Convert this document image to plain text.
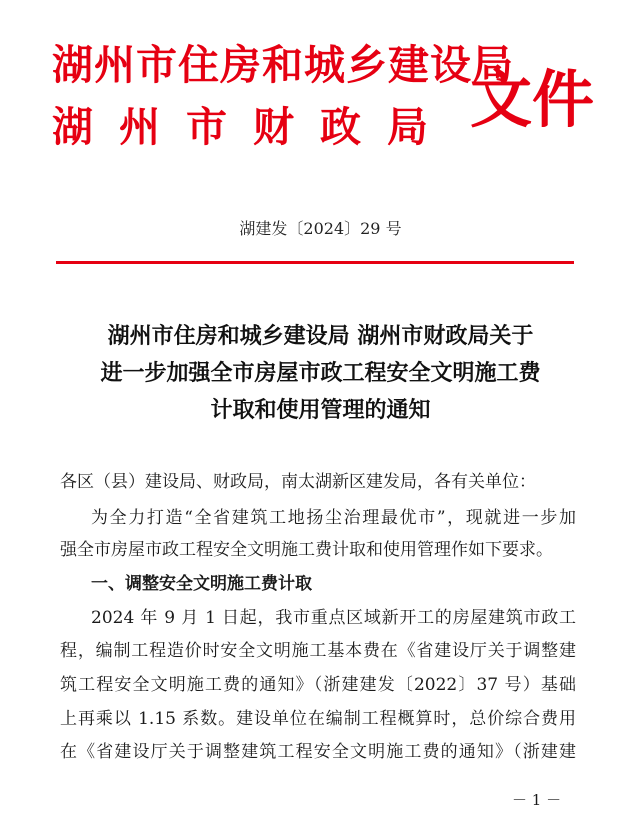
湖州市住房和城乡建设局
湖州市财政局 文件
湖建发〔2024〕29 号
湖州市住房和城乡建设局 湖州市财政局关于
进一步加强全市房屋市政工程安全文明施工费
计取和使用管理的通知
各区（县）建设局、财政局，南太湖新区建发局，各有关单位：
为全力打造“全省建筑工地扬尘治理最优市”，现就进一步加
强全市房屋市政工程安全文明施工费计取和使用管理作如下要求。
一、调整安全文明施工费计取
2024 年 9 月 1 日起，我市重点区域新开工的房屋建筑市政工
程，编制工程造价时安全文明施工基本费在《省建设厅关于调整建
筑工程安全文明施工费的通知》（浙建建发〔2022〕37 号）基础
上再乘以 1.15 系数。建设单位在编制工程概算时，总价综合费用
在《省建设厅关于调整建筑工程安全文明施工费的通知》（浙建建
－ 1 －
